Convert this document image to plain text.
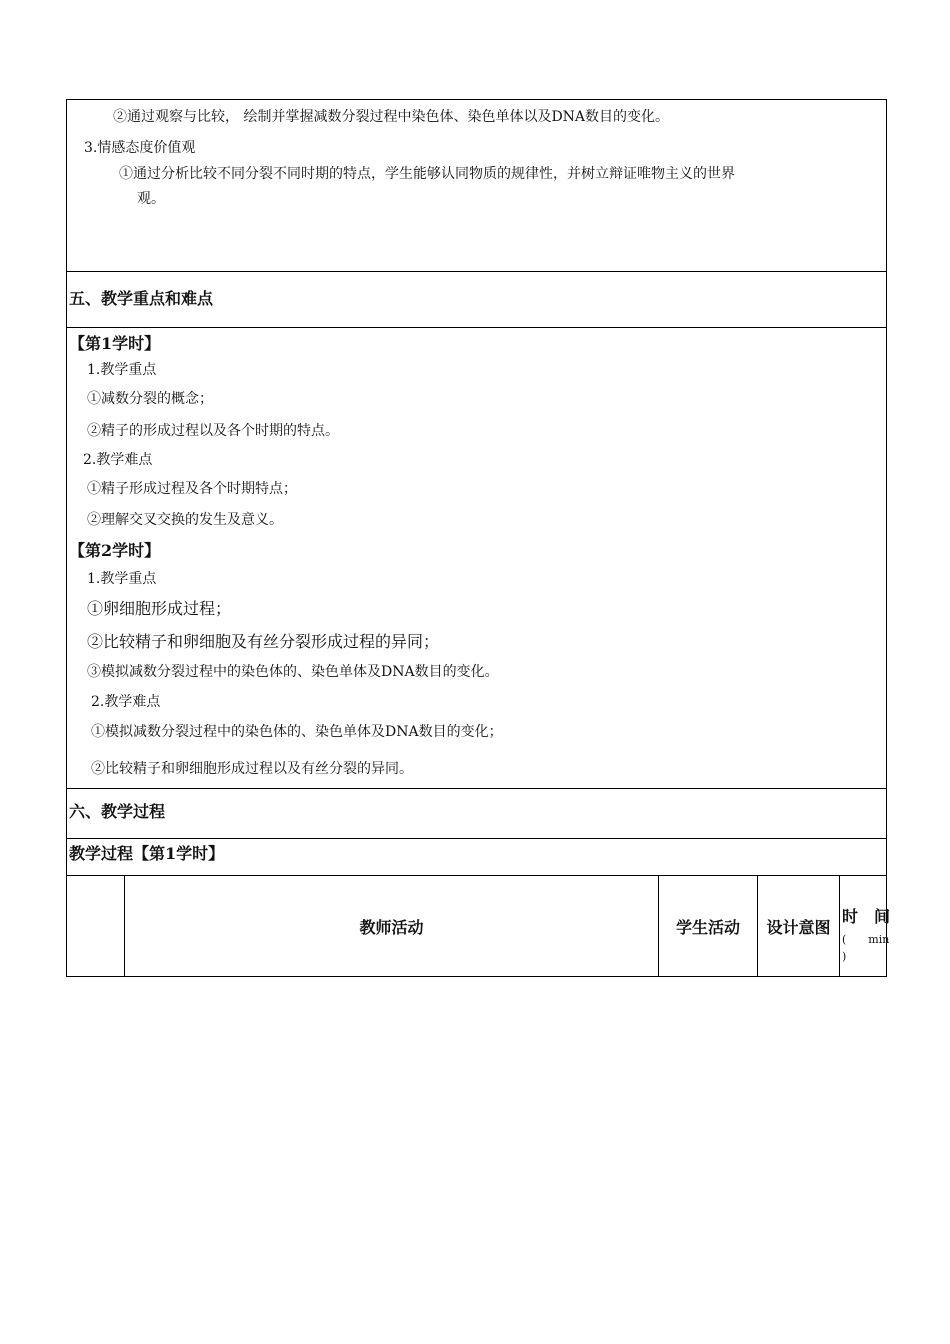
②通过观察与比较， 绘制并掌握减数分裂过程中染色体、染色单体以及DNA数目的变化。
3.情感态度价值观
①通过分析比较不同分裂不同时期的特点，学生能够认同物质的规律性，并树立辩证唯物主义的世界
观。
五、教学重点和难点
【第1学时】
1.教学重点
①减数分裂的概念；
②精子的形成过程以及各个时期的特点。
2.教学难点
①精子形成过程及各个时期特点；
②理解交叉交换的发生及意义。
【第2学时】
1.教学重点
①卵细胞形成过程；
②比较精子和卵细胞及有丝分裂形成过程的异同；
③模拟减数分裂过程中的染色体的、染色单体及DNA数目的变化。
2.教学难点
①模拟减数分裂过程中的染色体的、染色单体及DNA数目的变化；
②比较精子和卵细胞形成过程以及有丝分裂的异同。
六、教学过程
教学过程【第1学时】
教师活动	学生活动 设计意图
时　间
(　　min
)
